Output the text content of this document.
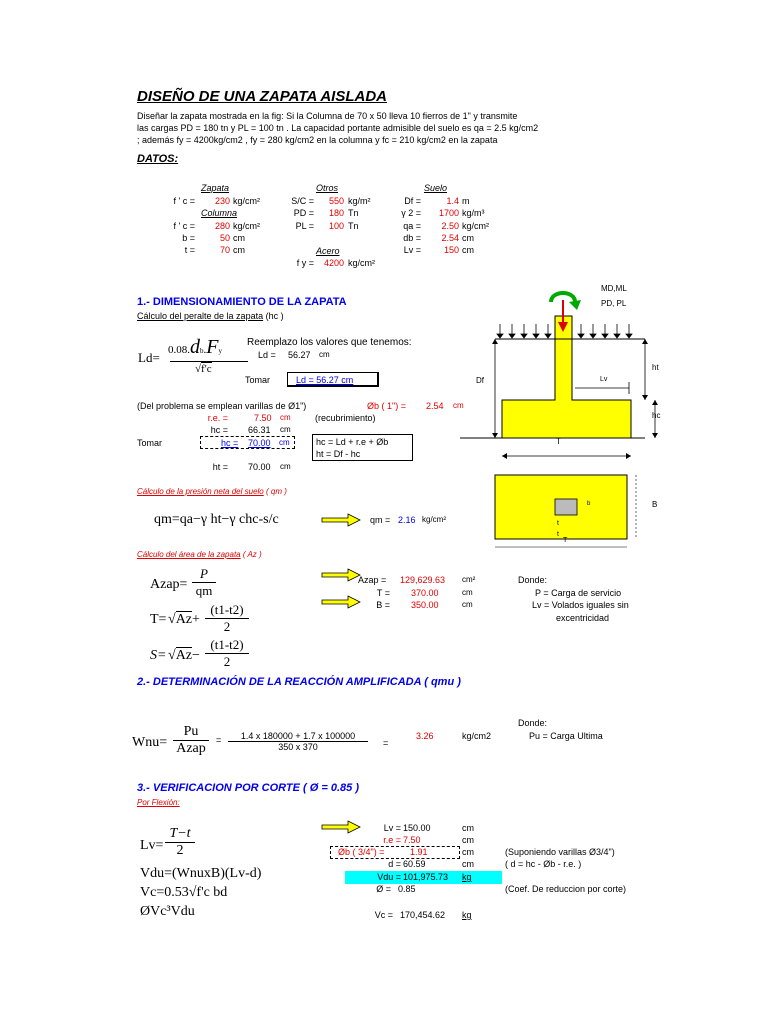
DISEÑO DE UNA ZAPATA AISLADA
Diseñar la zapata mostrada en la fig: Si la Columna de 70 x 50 lleva 10 fierros de 1" y transmite
las cargas PD = 180 tn y PL = 100 tn . La capacidad portante admisible del suelo es qa = 2.5 kg/cm2
; además fy = 4200kg/cm2 , fy = 280 kg/cm2 en la columna y fc = 210 kg/cm2 en la zapata
DATOS:
Zapata
f ' c =	230 kg/cm²
Columna
f ' c =	280 kg/cm²
b =	50 cm
t =	70 cm
Otros
S/C =	550 kg/m²
PD =	180 Tn
PL =	100 Tn
Acero
f y =	4200 kg/cm²
Suelo
Df =	1.4 m
γ 2 =	1700 kg/m³
qa =	2.50 kg/cm²
db =	2.54 cm
Lv =	150 cm
1.- DIMENSIONAMIENTO DE LA ZAPATA
Cálculo del peralte de la zapata (hc )
Ld= 0.08.db.Fy
√f'c
Reemplazo los valores que tenemos:
Ld = 56.27 cm
Tomar	Ld = 56.27 cm
(Del problema se emplean varillas de Ø1")	Øb ( 1") = 2.54 cm
r.e. =	7.50 cm	(recubrimiento)
hc = 66.31 cm
Tomar	hc = 70.00 cm	hc = Ld + r.e + Øb
ht = Df - hc
ht = 70.00 cm
Cálculo de la presión neta del suelo ( qm )
qm=qa−γ ht−γ chc-s/c	qm = 2.16 kg/cm²
Cálculo del área de la zapata ( Az )
Azap= $\frac{P}{qm}$
$T= √Az+ \frac{(t1-t2)}{2}$
$S= √Az- \frac{(t1-t2)}{2}$
Azap = 129,629.63 cm²
T = 370.00	cm
B = 350.00	cm
Donde:
P = Carga de servicio
Lv = Volados iguales sin
excentricidad
2.- DETERMINACIÓN DE LA REACCIÓN AMPLIFICADA ( qmu )
Donde:
Wnu=
Pu
Azap
= $\frac{1.4 x 180000 + 1.7 x 100000}{350 x 370}$ =
3.26	kg/cm2	Pu = Carga Ultima
3.- VERIFICACION POR CORTE ( Ø = 0.85 )
Por Flexión:
$Lv= \frac{T-t}{2}$
Vdu=(WnuxB)(Lv-d)
Vc=0.53√f'c bd
ØVc³Vdu
Lv = 150.00	cm
r.e = 7.50	cm
Øb ( 3/4") =	1.91	cm	(Suponiendo varillas Ø3/4")
d = 60.59	cm	( d = hc - Øb - r.e. )
Vdu = 101,975.73 kg
Ø = 0.85	(Coef. De reduccion por corte)
Vc = 170,454.62 kg
MD,ML
PD, PL
ht
Df	Lv
hc
T
B
b
t
t
T
